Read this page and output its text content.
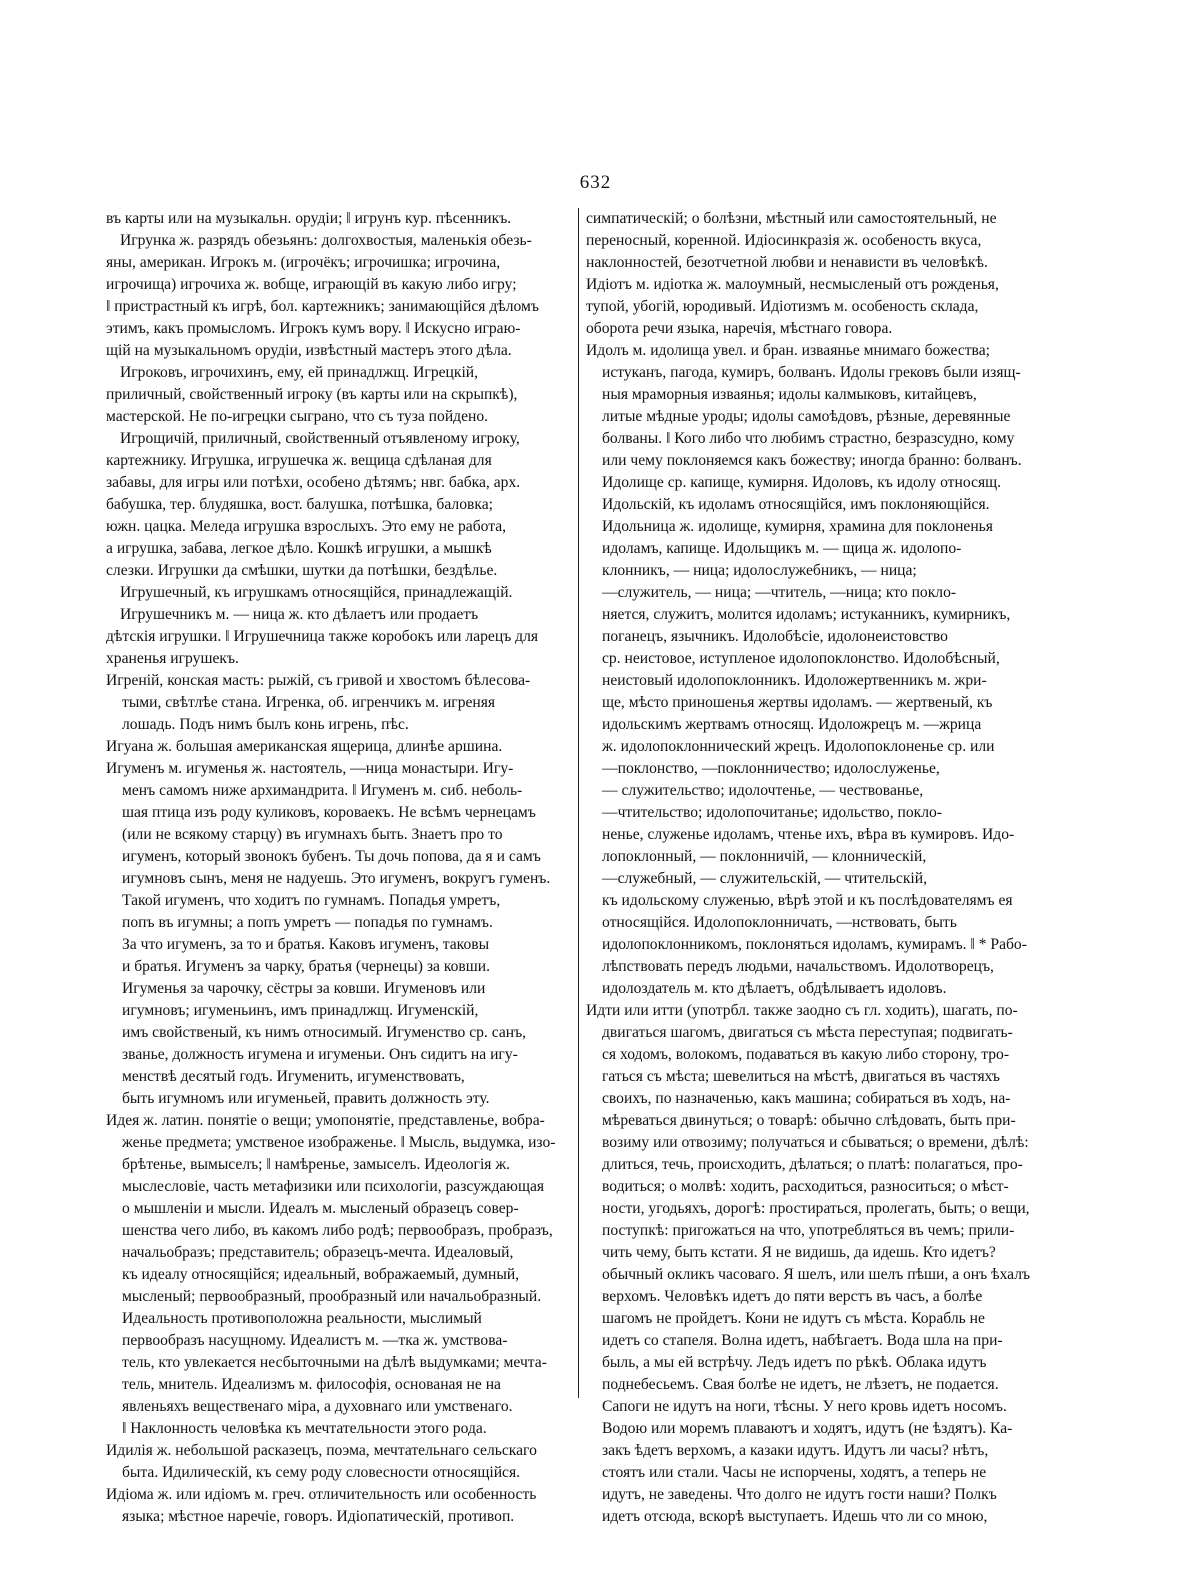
632
въ карты или на музыкальн. орудіи; ‖ игрунъ кур. пѣсенникъ.
Игрунка ж. разрядъ обезьянъ: долгохвостыя, маленькія обезь-
яны, американ. Игрокъ м. (игрочёкъ; игрочишка; игрочина,
игрочища) игрочиха ж. вобще, играющій въ какую либо игру;
‖ пристрастный къ игрѣ, бол. картежникъ; занимающійся дѣломъ
этимъ, какъ промысломъ. Игрокъ кумъ вору. ‖ Искусно играю-
щій на музыкальномъ орудіи, извѣстный мастеръ этого дѣла.
Игроковъ, игрочихинъ, ему, ей принадлжщ. Игрецкій,
приличный, свойственный игроку (въ карты или на скрыпкѣ),
мастерской. Не по-игрецки сыграно, что съ туза пойдено.
Игрощичій, приличный, свойственный отъявленому игроку,
картежнику. Игрушка, игрушечка ж. вещица сдѣланая для
забавы, для игры или потѣхи, особено дѣтямъ; нвг. бабка, арх.
бабушка, тер. блудяшка, вост. балушка, потѣшка, баловка;
южн. цацка. Меледа игрушка взрослыхъ. Это ему не работа,
а игрушка, забава, легкое дѣло. Кошкѣ игрушки, а мышкѣ
слезки. Игрушки да смѣшки, шутки да потѣшки, бездѣлье.
Игрушечный, къ игрушкамъ относящійся, принадлежащій.
Игрушечникъ м. — ница ж. кто дѣлаетъ или продаетъ
дѣтскія игрушки. ‖ Игрушечница также коробокъ или ларецъ для
храненья игрушекъ.
Игреній, конская масть: рыжій, съ гривой и хвостомъ бѣлесова-
тыми, свѣтлѣе стана. Игренка, об. игренчикъ м. игреняя
лошадь. Подъ нимъ былъ конь игрень, пѣс.
Игуана ж. большая американская ящерица, длинѣе аршина.
Игуменъ м. игуменья ж. настоятель, —ница монастыри. Игу-
менъ самомъ ниже архимандрита. ‖ Игуменъ м. сиб. неболь-
шая птица изъ роду куликовъ, короваекъ. Не всѣмъ чернецамъ
(или не всякому старцу) въ игумнахъ быть. Знаетъ про то
игуменъ, который звонокъ бубенъ. Ты дочь попова, да я и самъ
игумновъ сынъ, меня не надуешь. Это игуменъ, вокругъ гуменъ.
Такой игуменъ, что ходитъ по гумнамъ. Попадья умретъ,
попъ въ игумны; а попъ умретъ — попадья по гумнамъ.
За что игуменъ, за то и братья. Каковъ игуменъ, таковы
и братья. Игуменъ за чарку, братья (чернецы) за ковши.
Игуменья за чарочку, сёстры за ковши. Игуменовъ или
игумновъ; игуменьинъ, имъ принадлжщ. Игуменскій,
имъ свойственый, къ нимъ относимый. Игуменство ср. санъ,
званье, должность игумена и игуменьи. Онъ сидитъ на игу-
менствѣ десятый годъ. Игуменить, игуменствовать,
быть игумномъ или игуменьей, править должность эту.
Идея ж. латин. понятіе о вещи; умопонятіе, представленье, вобра-
женье предмета; умственое изображенье. ‖ Мысль, выдумка, изо-
брѣтенье, вымыселъ; ‖ намѣренье, замыселъ. Идеологія ж.
мыслесловіе, часть метафизики или психологіи, разсуждающая
о мышленіи и мысли. Идеалъ м. мысленый образецъ совер-
шенства чего либо, въ какомъ либо родѣ; первообразъ, пробразъ,
начальобразъ; представитель; образецъ-мечта. Идеаловый,
къ идеалу относящійся; идеальный, вображаемый, думный,
мысленый; первообразный, прообразный или начальобразный.
Идеальность противоположна реальности, мыслимый
первообразъ насущному. Идеалистъ м. —тка ж. умствова-
тель, кто увлекается несбыточными на дѣлѣ выдумками; мечта-
тель, мнитель. Идеализмъ м. философія, основаная не на
явленьяхъ вещественаго міра, а духовнаго или умственаго.
‖ Наклонность человѣка къ мечтательности этого рода.
Идилія ж. небольшой расказецъ, поэма, мечтательнаго сельскаго
быта. Идилическій, къ сему роду словесности относящійся.
Идіома ж. или идіомъ м. греч. отличительность или особенность
языка; мѣстное наречіе, говоръ. Идіопатическій, противоп.
симпатическій; о болѣзни, мѣстный или самостоятельный, не
переносный, коренной. Идіосинкразія ж. особеность вкуса,
наклонностей, безотчетной любви и ненависти въ человѣкѣ.
Идіотъ м. идіотка ж. малоумный, несмысленый отъ рожденья,
тупой, убогій, юродивый. Идіотизмъ м. особеность склада,
оборота речи языка, наречія, мѣстнаго говора.
Идолъ м. идолища увел. и бран. изваянье мнимаго божества;
истуканъ, пагода, кумиръ, болванъ. Идолы грековъ были изящ-
ныя мраморныя изваянья; идолы калмыковъ, китайцевъ,
литые мѣдные уроды; идолы самоѣдовъ, рѣзные, деревянные
болваны. ‖ Кого либо что любимъ страстно, безразсудно, кому
или чему поклоняемся какъ божеству; иногда бранно: болванъ.
Идолище ср. капище, кумирня. Идоловъ, къ идолу относящ.
Идольскій, къ идоламъ относящійся, имъ поклоняющійся.
Идольница ж. идолище, кумирня, храмина для поклоненья
идоламъ, капище. Идольщикъ м. — щица ж. идолопо-
клонникъ, — ница; идолослужебникъ, — ница;
—служитель, — ница; —чтитель, —ница; кто покло-
няется, служитъ, молится идоламъ; истуканникъ, кумирникъ,
поганецъ, язычникъ. Идолобѣсіе, идолонеистовство
ср. неистовое, иступленое идолопоклонство. Идолобѣсный,
неистовый идолопоклонникъ. Идоложертвенникъ м. жри-
ще, мѣсто приношенья жертвы идоламъ. — жертвеный, къ
идольскимъ жертвамъ относящ. Идоложрецъ м. —жрица
ж. идолопоклоннический жрецъ. Идолопоклоненье ср. или
—поклонство, —поклонничество; идолослуженье,
— служительство; идолочтенье, — чествованье,
—чтительство; идолопочитанье; идольство, покло-
ненье, служенье идоламъ, чтенье ихъ, вѣра въ кумировъ. Идо-
лопоклонный, — поклонничій, — клонническій,
—служебный, — служительскій, — чтительскій,
къ идольскому служенью, вѣрѣ этой и къ послѣдователямъ ея
относящійся. Идолопоклонничать, —нствовать, быть
идолопоклонникомъ, поклоняться идоламъ, кумирамъ. ‖ * Рабо-
лѣпствовать передъ людьми, начальствомъ. Идолотворецъ,
идолоздатель м. кто дѣлаетъ, обдѣлываетъ идоловъ.
Идти или итти (употрбл. также заодно съ гл. ходить), шагать, по-
двигаться шагомъ, двигаться съ мѣста переступая; подвигать-
ся ходомъ, волокомъ, подаваться въ какую либо сторону, тро-
гаться съ мѣста; шевелиться на мѣстѣ, двигаться въ частяхъ
своихъ, по назначенью, какъ машина; собираться въ ходъ, на-
мѣреваться двинуться; о товарѣ: обычно слѣдовать, быть при-
возиму или отвозиму; получаться и сбываться; о времени, дѣлѣ:
длиться, течь, происходить, дѣлаться; о платѣ: полагаться, про-
водиться; о молвѣ: ходить, расходиться, разноситься; о мѣст-
ности, угодьяхъ, дорогѣ: простираться, пролегать, быть; о вещи,
поступкѣ: пригожаться на что, употребляться въ чемъ; прили-
чить чему, быть кстати. Я не видишь, да идешь. Кто идетъ?
обычный окликъ часоваго. Я шелъ, или шелъ пѣши, а онъ ѣхалъ
верхомъ. Человѣкъ идетъ до пяти верстъ въ часъ, а болѣе
шагомъ не пройдетъ. Кони не идутъ съ мѣста. Корабль не
идетъ со стапеля. Волна идетъ, набѣгаетъ. Вода шла на при-
быль, а мы ей встрѣчу. Ледъ идетъ по рѣкѣ. Облака идутъ
поднебесьемъ. Свая болѣе не идетъ, не лѣзетъ, не подается.
Сапоги не идутъ на ноги, тѣсны. У него кровь идетъ носомъ.
Водою или моремъ плаваютъ и ходятъ, идутъ (не ѣздятъ). Ка-
закъ ѣдетъ верхомъ, а казаки идутъ. Идутъ ли часы? нѣтъ,
стоятъ или стали. Часы не испорчены, ходятъ, а теперь не
идутъ, не заведены. Что долго не идутъ гости наши? Полкъ
идетъ отсюда, вскорѣ выступаетъ. Идешь что ли со мною,
